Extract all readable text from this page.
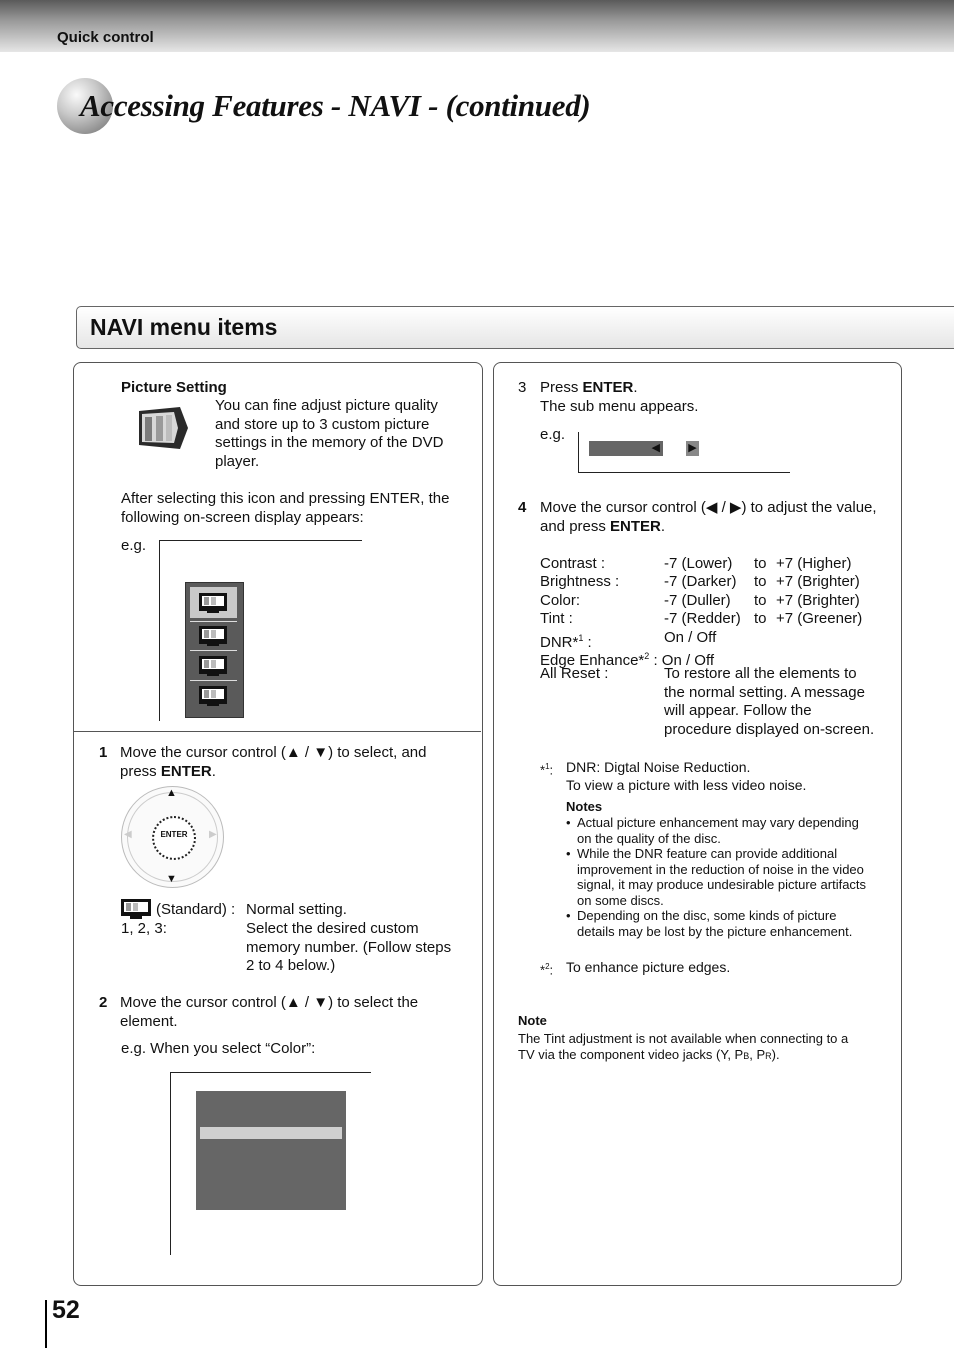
Quick control
Accessing Features - NAVI - (continued)
NAVI menu items
Picture Setting
You can fine adjust picture quality
and store up to 3 custom picture
settings in the memory of the DVD
player.
After selecting this icon and pressing ENTER, the
following on-screen display appears:
e.g.
1 Move the cursor control (▲ / ▼) to select, and
press ENTER.
ENTER
▲
▼
◀	▶
(Standard) : Normal setting.
1, 2, 3:	Select the desired custom
memory number. (Follow steps
2 to 4 below.)
2 Move the cursor control (▲ / ▼) to select the
element.
e.g. When you select “Color”:
3 Press ENTER.
The sub menu appears.
e.g.
◀	▶
4 Move the cursor control (◀ / ▶) to adjust the value,
and press ENTER.
Contrast :	-7 (Lower) to +7 (Higher)
Brightness :	-7 (Darker) to +7 (Brighter)
Color:	-7 (Duller) to +7 (Brighter)
Tint :	-7 (Redder) to +7 (Greener)
DNR*$^1$ :	On / Off
Edge Enhance*$^2$ : On / Off
All Reset :	To restore all the elements to
the normal setting. A message
will appear. Follow the
procedure displayed on-screen.
*$^1$: DNR: Digtal Noise Reduction.
To view a picture with less video noise.
Notes
• Actual picture enhancement may vary depending
on the quality of the disc.
• While the DNR feature can provide additional
improvement in the reduction of noise in the video
signal, it may produce undesirable picture artifacts
on some discs.
• Depending on the disc, some kinds of picture
details may be lost by the picture enhancement.
*$^2$: To enhance picture edges.
Note
The Tint adjustment is not available when connecting to a
TV via the component video jacks (Y, PB, PR).
52
